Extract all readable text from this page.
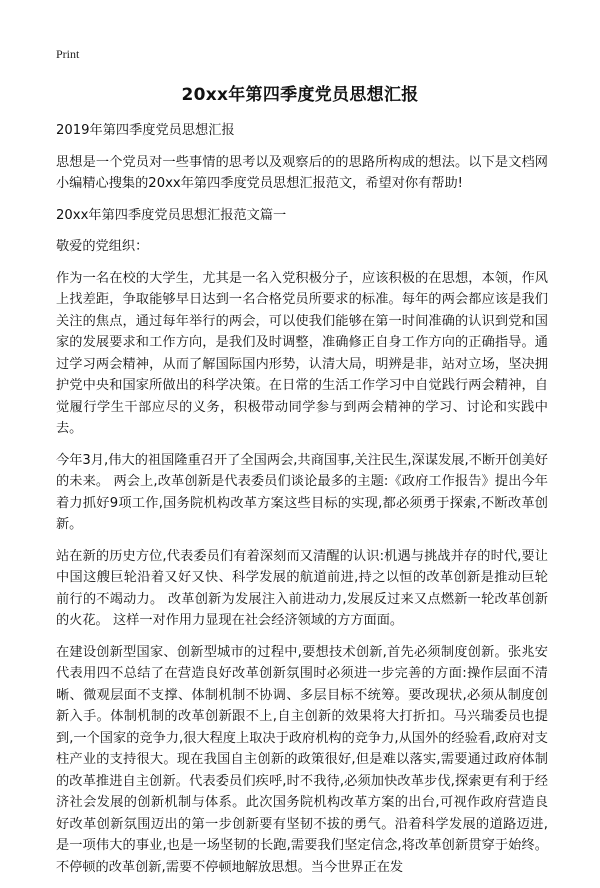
Print
20xx年第四季度党员思想汇报

2019年第四季度党员思想汇报

思想是一个党员对一些事情的思考以及观察后的的思路所构成的想法。以下是文档网小编精心搜集的20xx年第四季度党员思想汇报范文，希望对你有帮助!

20xx年第四季度党员思想汇报范文篇一

敬爱的党组织：

作为一名在校的大学生，尤其是一名入党积极分子，应该积极的在思想，本领，作风上找差距，争取能够早日达到一名合格党员所要求的标准。每年的两会都应该是我们关注的焦点，通过每年举行的两会，可以使我们能够在第一时间准确的认识到党和国家的发展要求和工作方向，是我们及时调整，准确修正自身工作方向的正确指导。通过学习两会精神，从而了解国际国内形势，认清大局，明辨是非，站对立场，坚决拥护党中央和国家所做出的科学决策。在日常的生活工作学习中自觉践行两会精神，自觉履行学生干部应尽的义务，积极带动同学参与到两会精神的学习、讨论和实践中去。

今年3月,伟大的祖国隆重召开了全国两会,共商国事,关注民生,深谋发展,不断开创美好的未来。 两会上,改革创新是代表委员们谈论最多的主题:《政府工作报告》提出今年着力抓好9项工作,国务院机构改革方案这些目标的实现,都必须勇于探索,不断改革创新。

站在新的历史方位,代表委员们有着深刻而又清醒的认识:机遇与挑战并存的时代,要让中国这艘巨轮沿着又好又快、科学发展的航道前进,持之以恒的改革创新是推动巨轮前行的不竭动力。 改革创新为发展注入前进动力,发展反过来又点燃新一轮改革创新的火花。 这样一对作用力显现在社会经济领域的方方面面。

在建设创新型国家、创新型城市的过程中,要想技术创新,首先必须制度创新。张兆安代表用四不总结了在营造良好改革创新氛围时必须进一步完善的方面:操作层面不清晰、微观层面不支撑、体制机制不协调、多层目标不统筹。要改现状,必须从制度创新入手。体制机制的改革创新跟不上,自主创新的效果将大打折扣。马兴瑞委员也提到,一个国家的竞争力,很大程度上取决于政府机构的竞争力,从国外的经验看,政府对支柱产业的支持很大。现在我国自主创新的政策很好,但是难以落实,需要通过政府体制的改革推进自主创新。代表委员们疾呼,时不我待,必须加快改革步伐,探索更有利于经济社会发展的创新机制与体系。此次国务院机构改革方案的出台,可视作政府营造良好改革创新氛围迈出的第一步创新要有坚韧不拔的勇气。沿着科学发展的道路迈进,是一项伟大的事业,也是一场坚韧的长跑,需要我们坚定信念,将改革创新贯穿于始终。不停顿的改革创新,需要不停顿地解放思想。当今世界正在发
